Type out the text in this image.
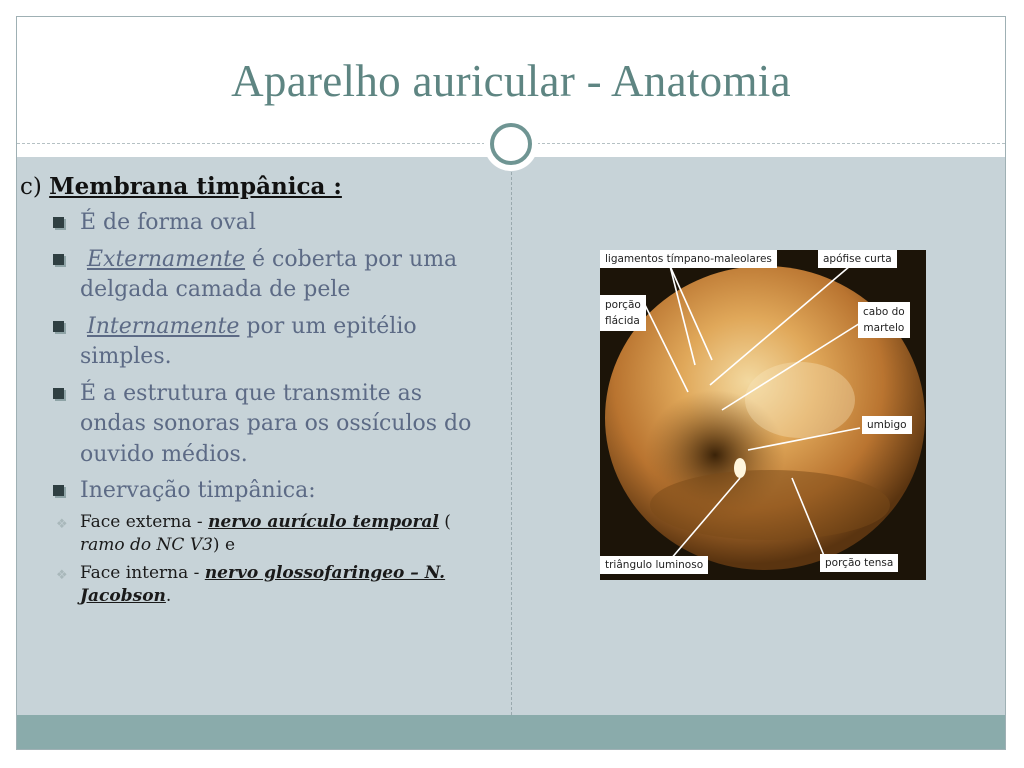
Aparelho auricular - Anatomia
c) Membrana timpânica :
É de forma oval
Externamente é coberta por uma delgada camada de pele
Internamente por um epitélio simples.
É a estrutura que transmite as ondas sonoras para os ossículos do ouvido médios.
Inervação timpânica:
❖ Face externa - nervo aurículo temporal ( ramo do NC V3) e
❖ Face interna - nervo glossofaringeo – N. Jacobson.
ligamentos tímpano-maleolares	apófise curta
porção
flácida
cabo do
martelo
umbigo
triângulo luminoso	porção tensa
